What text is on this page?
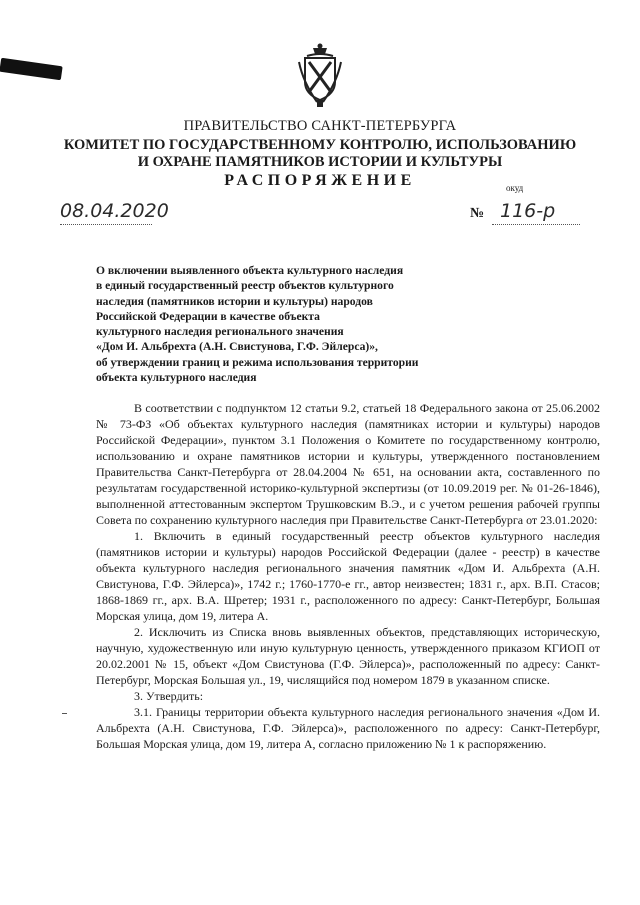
ПРАВИТЕЛЬСТВО САНКТ-ПЕТЕРБУРГА
КОМИТЕТ ПО ГОСУДАРСТВЕННОМУ КОНТРОЛЮ, ИСПОЛЬЗОВАНИЮ
И ОХРАНЕ ПАМЯТНИКОВ ИСТОРИИ И КУЛЬТУРЫ
РАСПОРЯЖЕНИЕ	окуд
08.04.2020	№ 116-р
О включении выявленного объекта культурного наследия
в единый государственный реестр объектов культурного
наследия (памятников истории и культуры) народов
Российской Федерации в качестве объекта
культурного наследия регионального значения
«Дом И. Альбрехта (А.Н. Свистунова, Г.Ф. Эйлерса)»,
об утверждении границ и режима использования территории
объекта культурного наследия

В соответствии с подпунктом 12 статьи 9.2, статьей 18 Федерального закона от 25.06.2002 № 73-ФЗ «Об объектах культурного наследия (памятниках истории и культуры) народов Российской Федерации», пунктом 3.1 Положения о Комитете по государственному контролю, использованию и охране памятников истории и культуры, утвержденного постановлением Правительства Санкт-Петербурга от 28.04.2004 № 651, на основании акта, составленного по результатам государственной историко-культурной экспертизы (от 10.09.2019 рег. № 01-26-1846), выполненной аттестованным экспертом Трушковским В.Э., и с учетом решения рабочей группы Совета по сохранению культурного наследия при Правительстве Санкт-Петербурга от 23.01.2020:

1. Включить в единый государственный реестр объектов культурного наследия (памятников истории и культуры) народов Российской Федерации (далее - реестр) в качестве объекта культурного наследия регионального значения памятник «Дом И. Альбрехта (А.Н. Свистунова, Г.Ф. Эйлерса)», 1742 г.; 1760-1770-е гг., автор неизвестен; 1831 г., арх. В.П. Стасов; 1868-1869 гг., арх. В.А. Шретер; 1931 г., расположенного по адресу: Санкт-Петербург, Большая Морская улица, дом 19, литера А.

2. Исключить из Списка вновь выявленных объектов, представляющих историческую, научную, художественную или иную культурную ценность, утвержденного приказом КГИОП от 20.02.2001 № 15, объект «Дом Свистунова (Г.Ф. Эйлерса)», расположенный по адресу: Санкт-Петербург, Морская Большая ул., 19, числящийся под номером 1879 в указанном списке.

3. Утвердить:

3.1. Границы территории объекта культурного наследия регионального значения «Дом И. Альбрехта (А.Н. Свистунова, Г.Ф. Эйлерса)», расположенного по адресу: Санкт-Петербург, Большая Морская улица, дом 19, литера А, согласно приложению № 1 к распоряжению.
